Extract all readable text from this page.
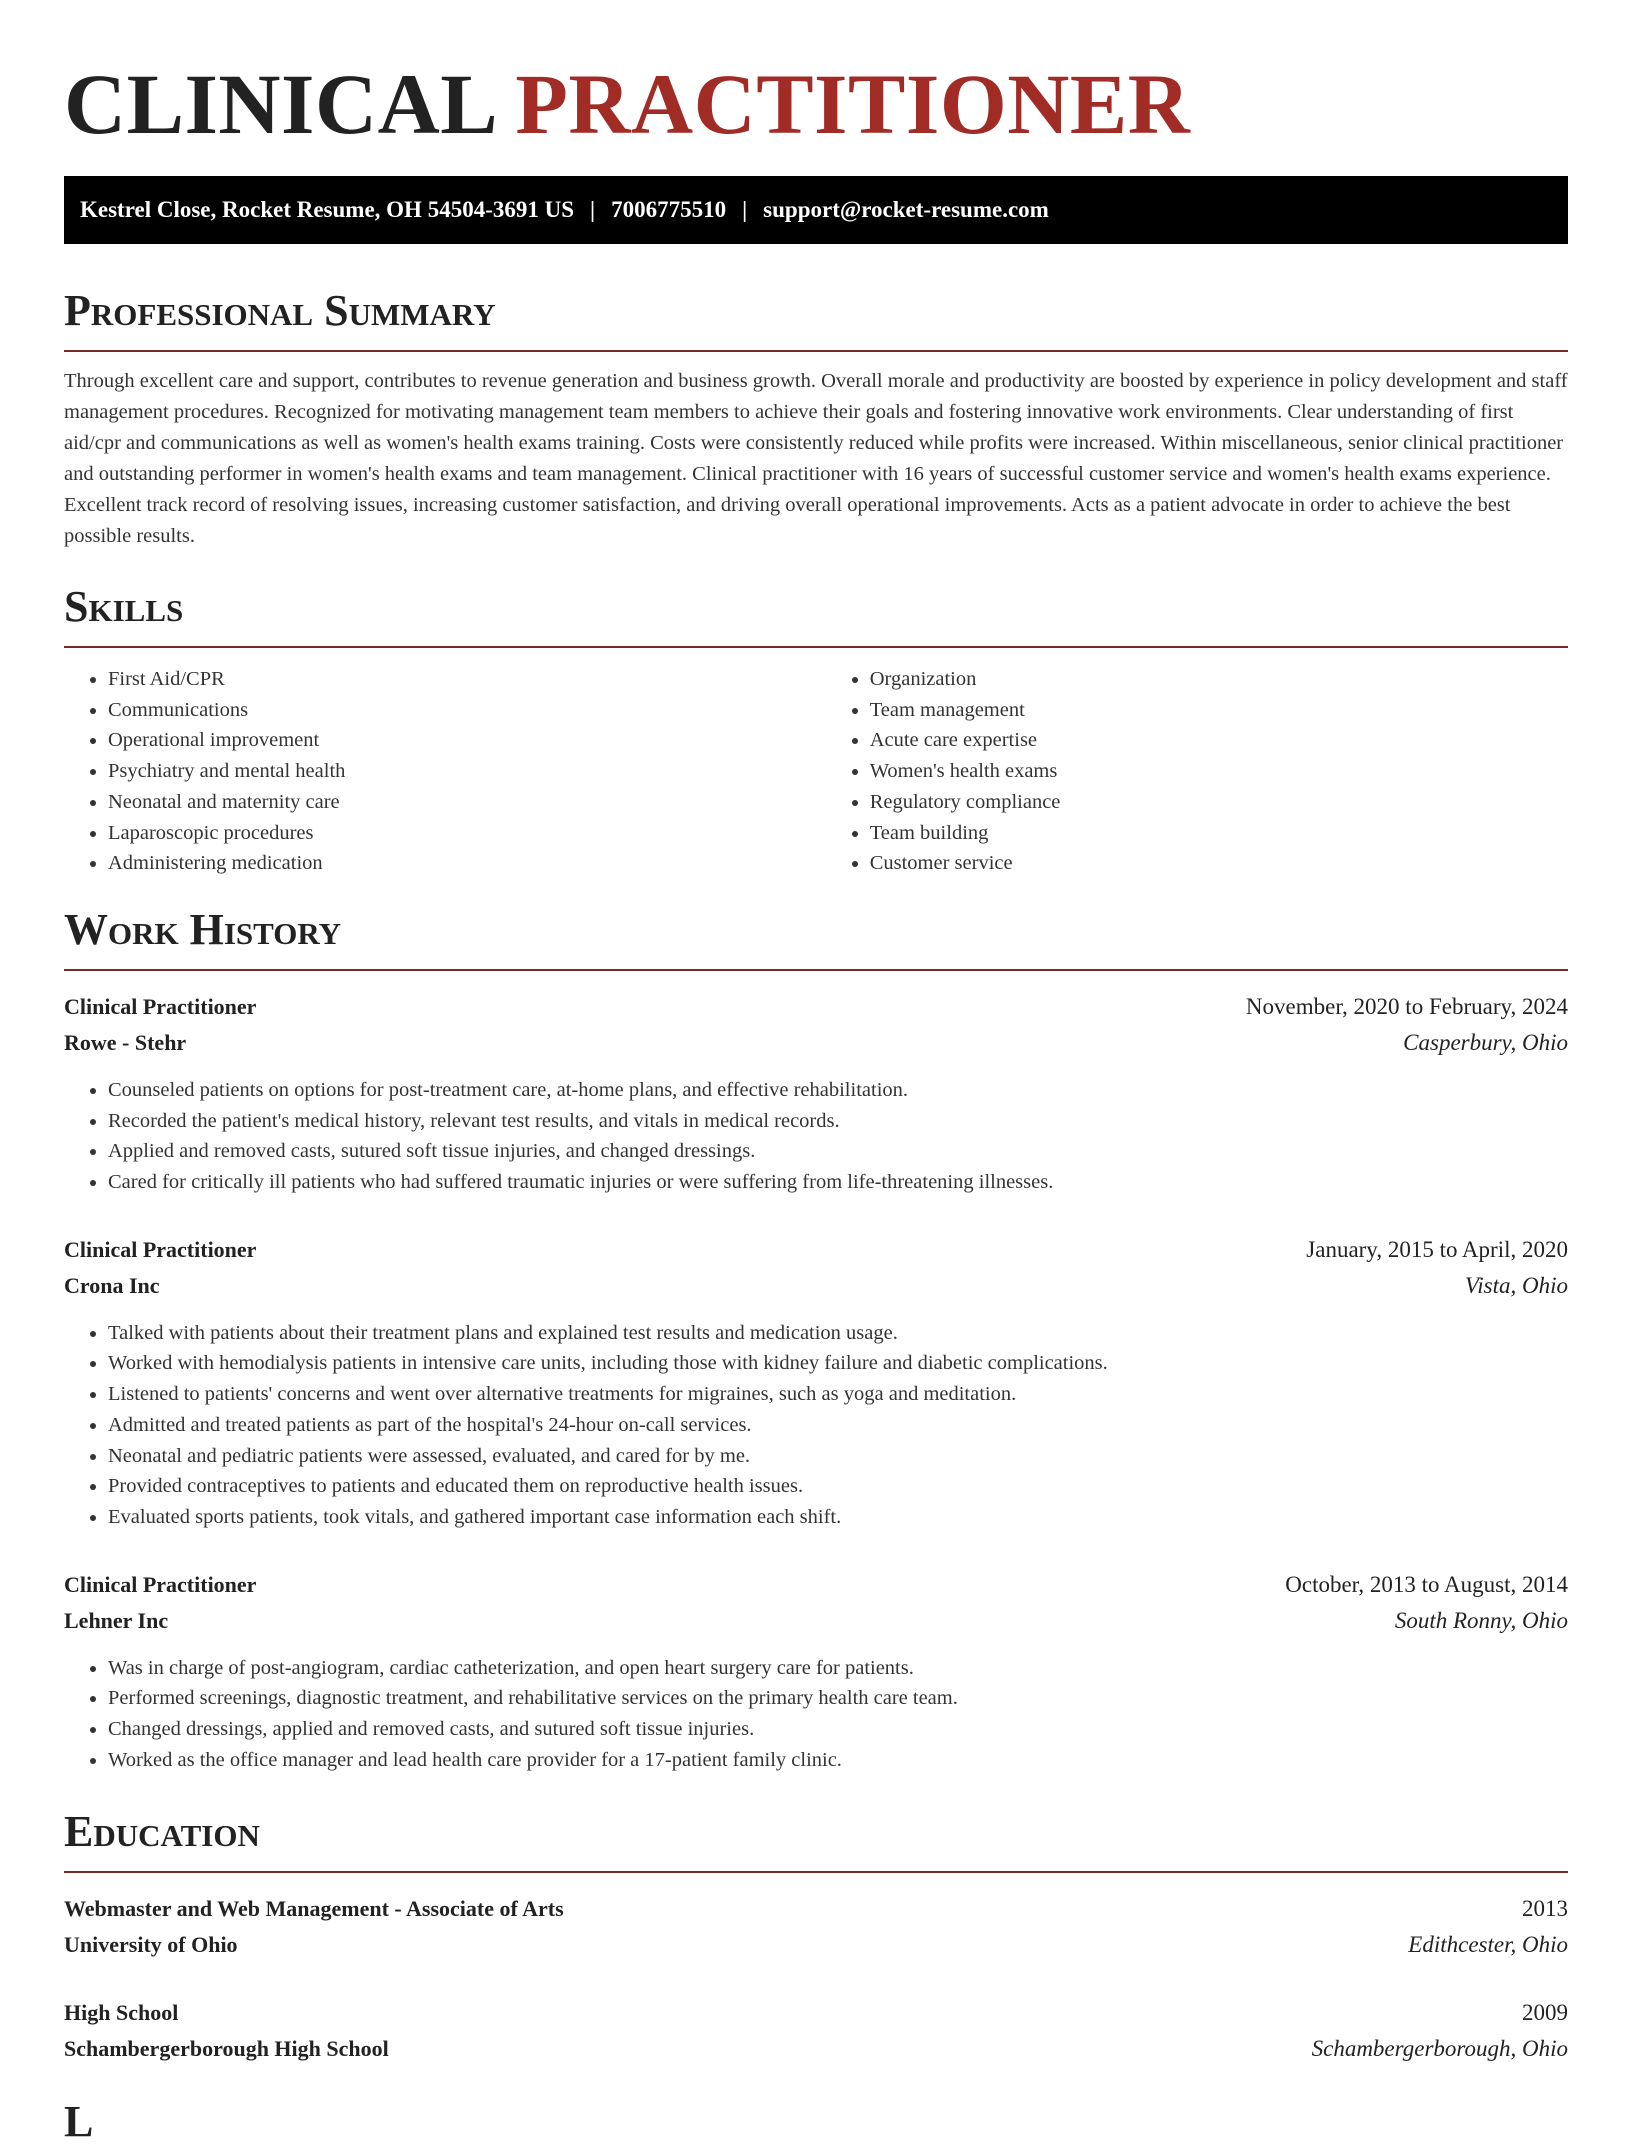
CLINICAL PRACTITIONER
Kestrel Close, Rocket Resume, OH 54504-3691 US | 7006775510 | support@rocket-resume.com
Professional Summary

Through excellent care and support, contributes to revenue generation and business growth. Overall morale and productivity are boosted by experience in policy development and staff management procedures. Recognized for motivating management team members to achieve their goals and fostering innovative work environments. Clear understanding of first aid/cpr and communications as well as women's health exams training. Costs were consistently reduced while profits were increased. Within miscellaneous, senior clinical practitioner and outstanding performer in women's health exams and team management. Clinical practitioner with 16 years of successful customer service and women's health exams experience. Excellent track record of resolving issues, increasing customer satisfaction, and driving overall operational improvements. Acts as a patient advocate in order to achieve the best possible results.

Skills
• First Aid/CPR
• Communications
• Operational improvement
• Psychiatry and mental health
• Neonatal and maternity care
• Laparoscopic procedures
• Administering medication
• Organization
• Team management
• Acute care expertise
• Women's health exams
• Regulatory compliance
• Team building
• Customer service
Work History
Clinical Practitioner	November, 2020 to February, 2024
Rowe - Stehr	Casperbury, Ohio
• Counseled patients on options for post-treatment care, at-home plans, and effective rehabilitation.
• Recorded the patient's medical history, relevant test results, and vitals in medical records.
• Applied and removed casts, sutured soft tissue injuries, and changed dressings.
• Cared for critically ill patients who had suffered traumatic injuries or were suffering from life-threatening illnesses.
Clinical Practitioner	January, 2015 to April, 2020
Crona Inc	Vista, Ohio
• Talked with patients about their treatment plans and explained test results and medication usage.
• Worked with hemodialysis patients in intensive care units, including those with kidney failure and diabetic complications.
• Listened to patients' concerns and went over alternative treatments for migraines, such as yoga and meditation.
• Admitted and treated patients as part of the hospital's 24-hour on-call services.
• Neonatal and pediatric patients were assessed, evaluated, and cared for by me.
• Provided contraceptives to patients and educated them on reproductive health issues.
• Evaluated sports patients, took vitals, and gathered important case information each shift.
Clinical Practitioner	October, 2013 to August, 2014
Lehner Inc	South Ronny, Ohio
• Was in charge of post-angiogram, cardiac catheterization, and open heart surgery care for patients.
• Performed screenings, diagnostic treatment, and rehabilitative services on the primary health care team.
• Changed dressings, applied and removed casts, and sutured soft tissue injuries.
• Worked as the office manager and lead health care provider for a 17-patient family clinic.
Education
Webmaster and Web Management - Associate of Arts	2013
University of Ohio	Edithcester, Ohio
High School	2009
Schambergerborough High School	Schambergerborough, Ohio
L
